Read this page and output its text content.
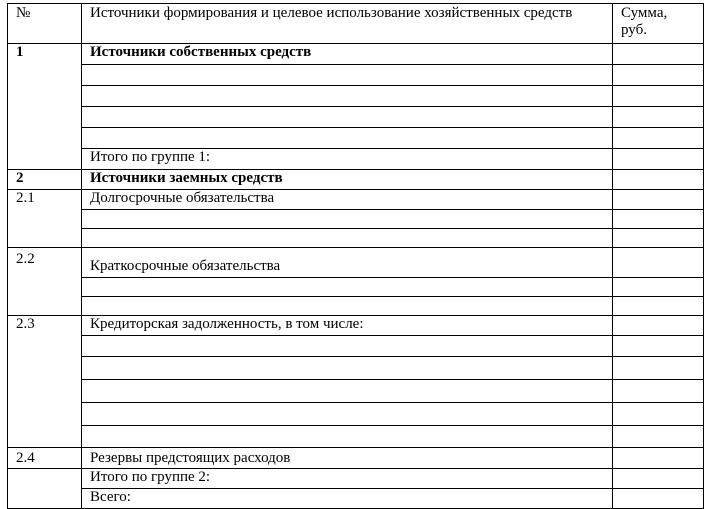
№	Источники формирования и целевое использование хозяйственных средств	Сумма, руб.
1	Источники собственных средств	

	Итого по группе 1:	
2	Источники заемных средств	
2.1	Долгосрочные обязательства	

2.2	Краткосрочные обязательства	

2.3	Кредиторская задолженность, в том числе:	

2.4	Резервы предстоящих расходов	
	Итого по группе 2:	
	Всего:	
